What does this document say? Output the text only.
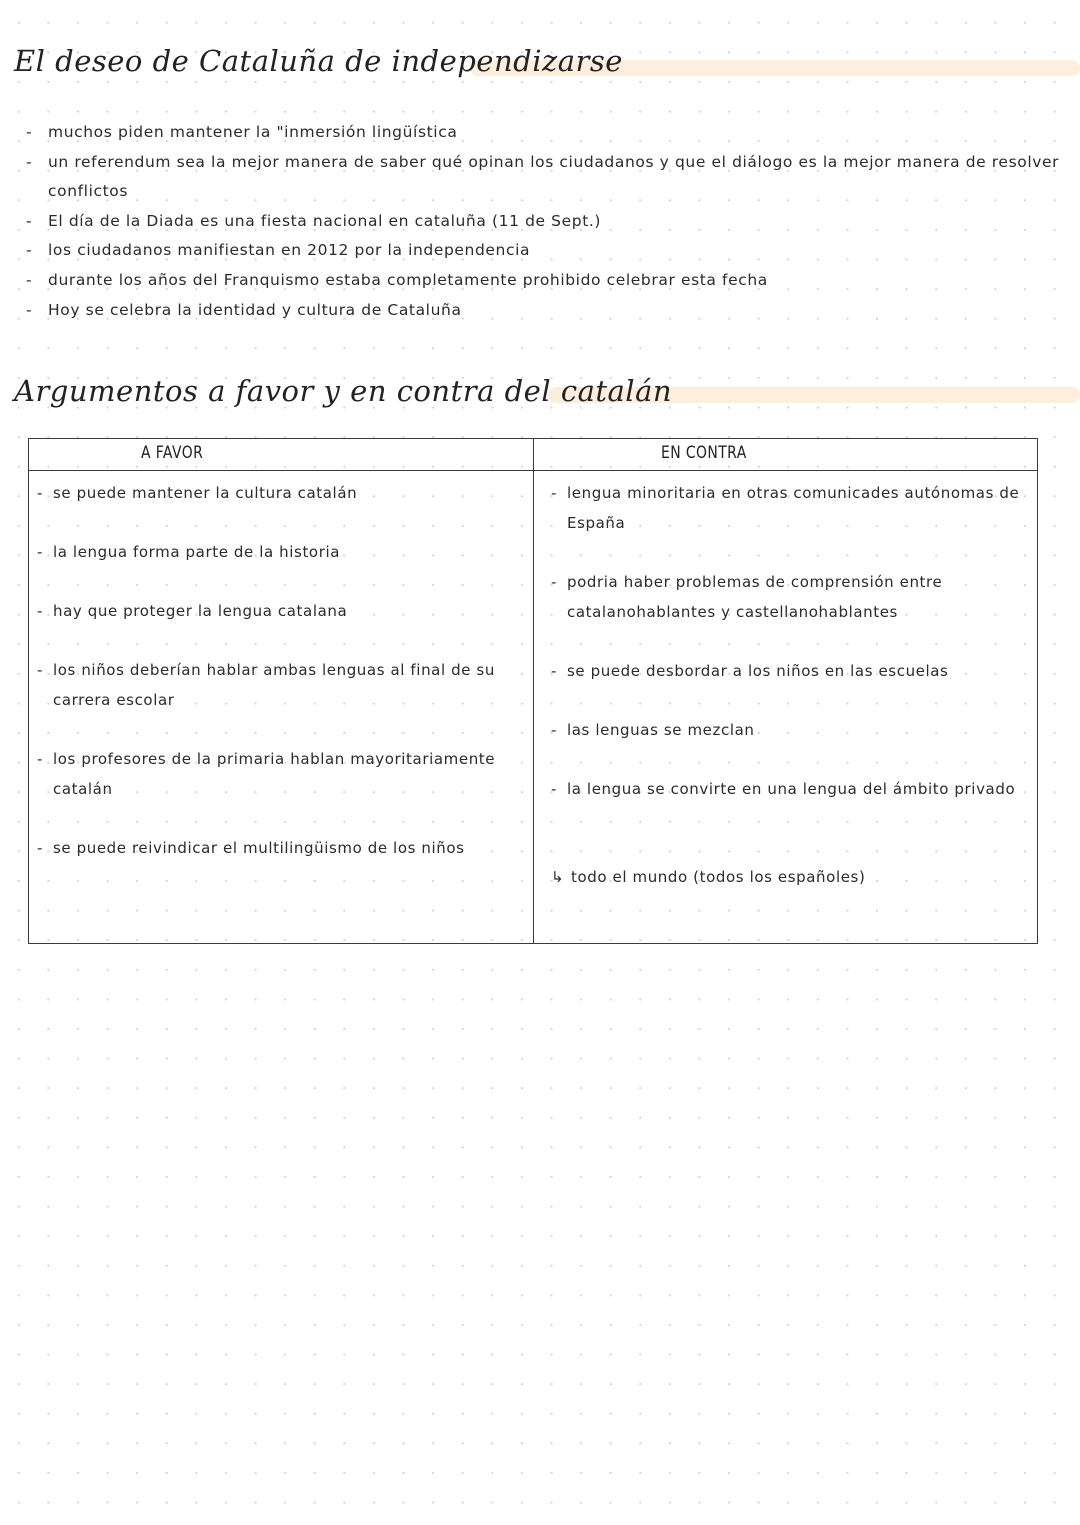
El deseo de Cataluña de independizarse
- muchos piden mantener la "inmersión lingüística
- un referendum sea la mejor manera de saber qué opinan los ciudadanos y que el diálogo es la mejor manera de resolver conflictos
- El día de la Diada es una fiesta nacional en cataluña (11 de Sept.)
- los ciudadanos manifiestan en 2012 por la independencia
- durante los años del Franquismo estaba completamente prohibido celebrar esta fecha
- Hoy se celebra la identidad y cultura de Cataluña
Argumentos a favor y en contra del catalán
A FAVOR	EN CONTRA
- se puede mantener la cultura catalán
- la lengua forma parte de la historia
- hay que proteger la lengua catalana
- los niños deberían hablar ambas lenguas al final de su carrera escolar
- los profesores de la primaria hablan mayoritariamente catalán
- se puede reivindicar el multilingüismo de los niños
- lengua minoritaria en otras comunicades autónomas de España
- podria haber problemas de comprensión entre catalanohablantes y castellanohablantes
- se puede desbordar a los niños en las escuelas
- las lenguas se mezclan
- la lengua se convirte en una lengua del ámbito privado
↳ todo el mundo (todos los españoles)
